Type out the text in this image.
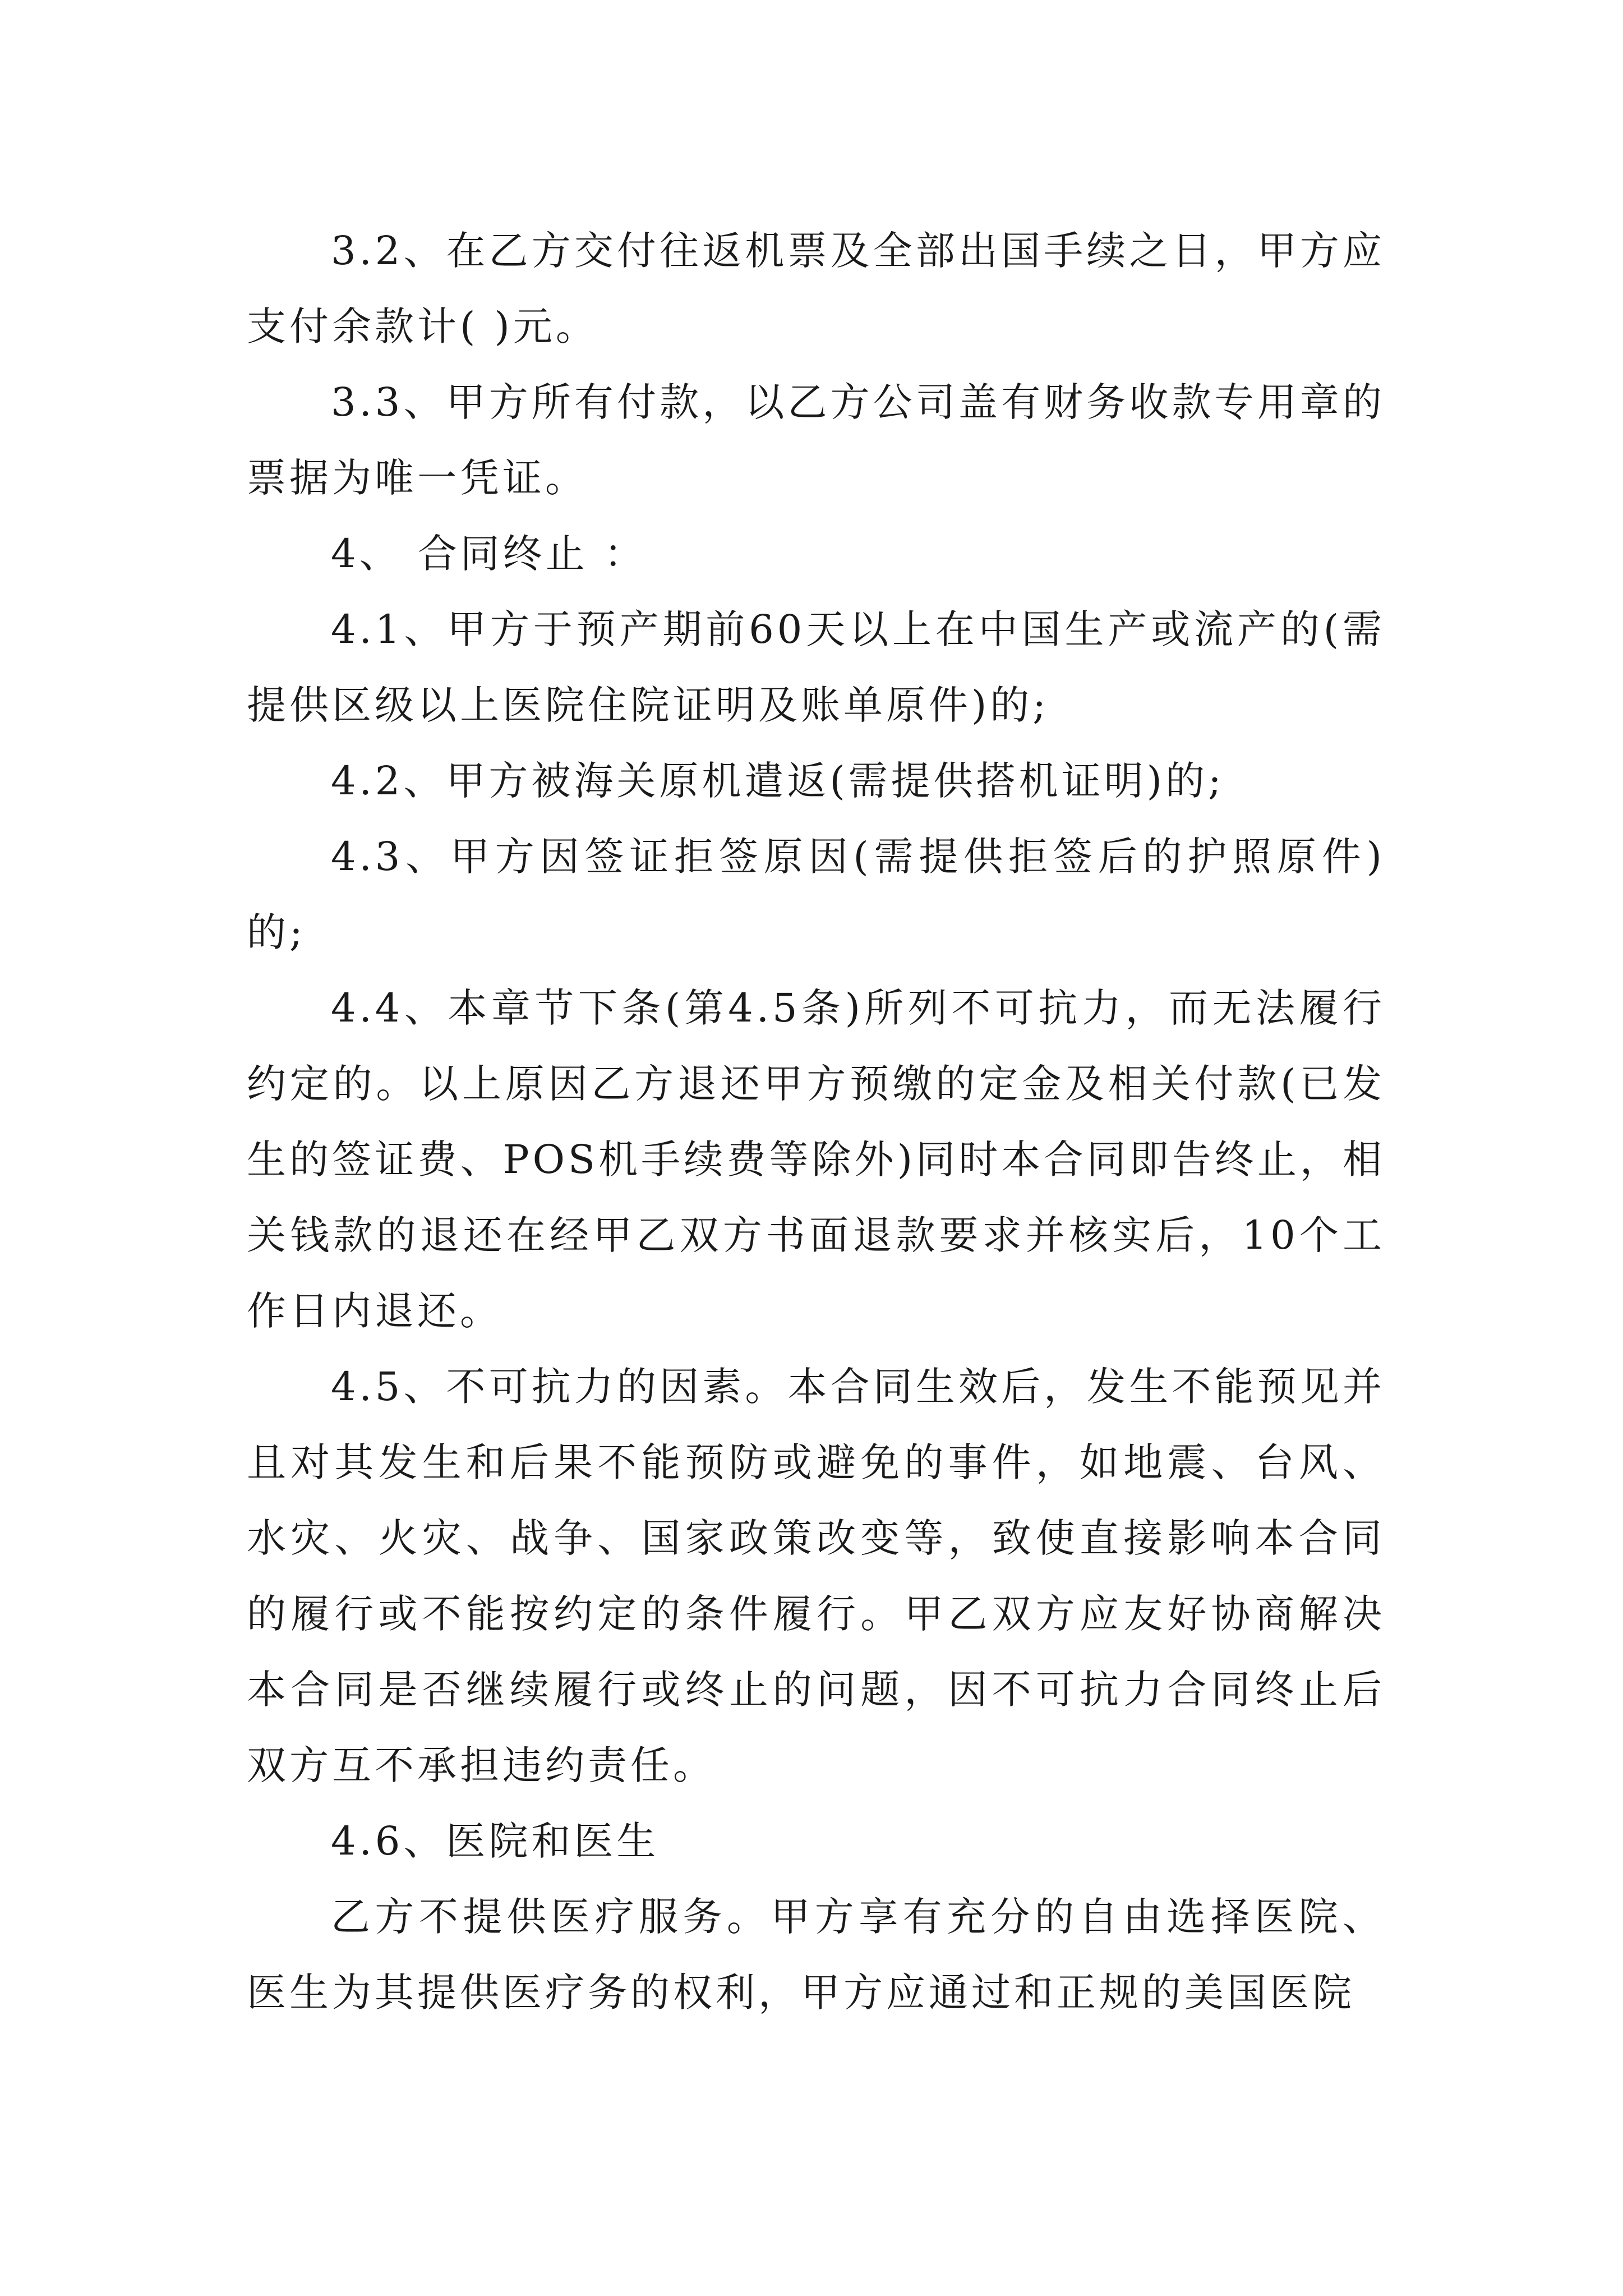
3.2、在乙方交付往返机票及全部出国手续之日，甲方应支付余款计( )元。

3.3、甲方所有付款，以乙方公司盖有财务收款专用章的票据为唯一凭证。

4、 合同终止 ：

4.1、甲方于预产期前60天以上在中国生产或流产的(需提供区级以上医院住院证明及账单原件)的;

4.2、甲方被海关原机遣返(需提供搭机证明)的;

4.3、甲方因签证拒签原因(需提供拒签后的护照原件)的;

4.4、本章节下条(第4.5条)所列不可抗力，而无法履行约定的。以上原因乙方退还甲方预缴的定金及相关付款(已发生的签证费、POS机手续费等除外)同时本合同即告终止，相关钱款的退还在经甲乙双方书面退款要求并核实后，10个工作日内退还。

4.5、不可抗力的因素。本合同生效后，发生不能预见并且对其发生和后果不能预防或避免的事件，如地震、台风、水灾、火灾、战争、国家政策改变等，致使直接影响本合同的履行或不能按约定的条件履行。甲乙双方应友好协商解决本合同是否继续履行或终止的问题，因不可抗力合同终止后双方互不承担违约责任。

4.6、医院和医生

乙方不提供医疗服务。甲方享有充分的自由选择医院、医生为其提供医疗务的权利，甲方应通过和正规的美国医院
